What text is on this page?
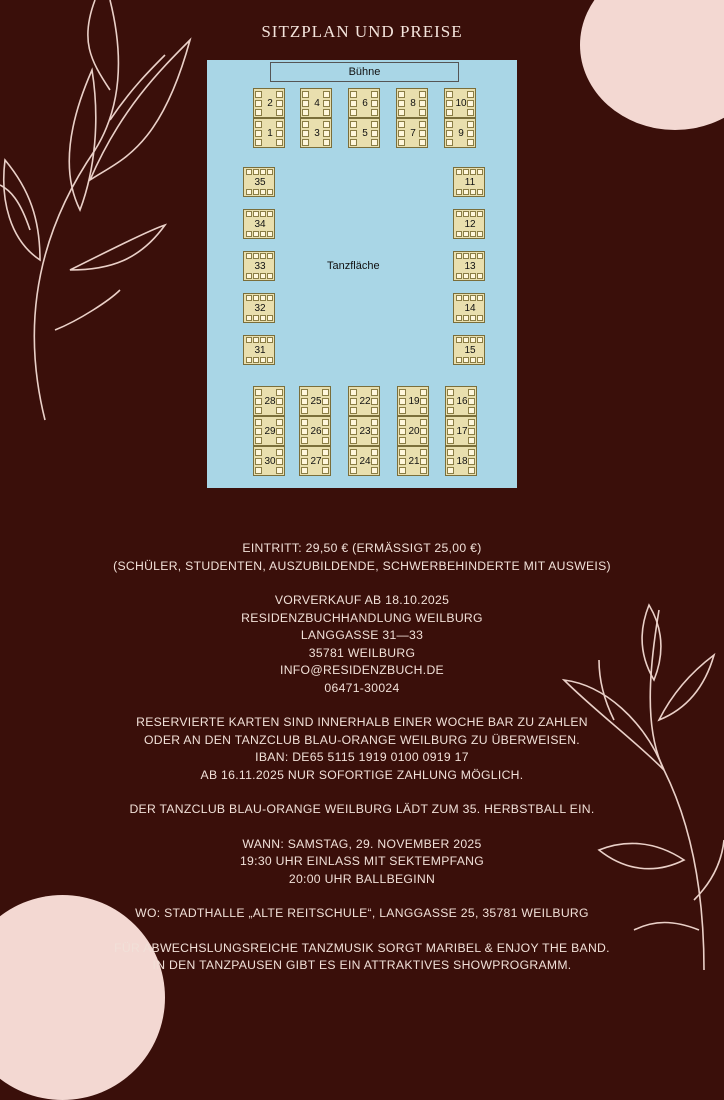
SITZPLAN UND PREISE
Bühne
Tanzfläche
2
1
4
3
6
5
8
7
10
9
35
34
33
32
31
11
12
13
14
15
28
29
30
25
26
27
22
23
24
19
20
21
16
17
18

EINTRITT: 29,50 € (ERMÄSSIGT 25,00 €)

(SCHÜLER, STUDENTEN, AUSZUBILDENDE, SCHWERBEHINDERTE MIT AUSWEIS)

VORVERKAUF AB 18.10.2025

RESIDENZBUCHHANDLUNG WEILBURG

LANGGASSE 31—33

35781 WEILBURG

INFO@RESIDENZBUCH.DE

06471-30024

RESERVIERTE KARTEN SIND INNERHALB EINER WOCHE BAR ZU ZAHLEN

ODER AN DEN TANZCLUB BLAU-ORANGE WEILBURG ZU ÜBERWEISEN.

IBAN: DE65 5115 1919 0100 0919 17

AB 16.11.2025 NUR SOFORTIGE ZAHLUNG MÖGLICH.

DER TANZCLUB BLAU-ORANGE WEILBURG LÄDT ZUM 35. HERBSTBALL EIN.

WANN: SAMSTAG, 29. NOVEMBER 2025

19:30 UHR EINLASS MIT SEKTEMPFANG

20:00 UHR BALLBEGINN

WO: STADTHALLE „ALTE REITSCHULE“, LANGGASSE 25, 35781 WEILBURG

FÜR ABWECHSLUNGSREICHE TANZMUSIK SORGT MARIBEL & ENJOY THE BAND.

IN DEN TANZPAUSEN GIBT ES EIN ATTRAKTIVES SHOWPROGRAMM.
